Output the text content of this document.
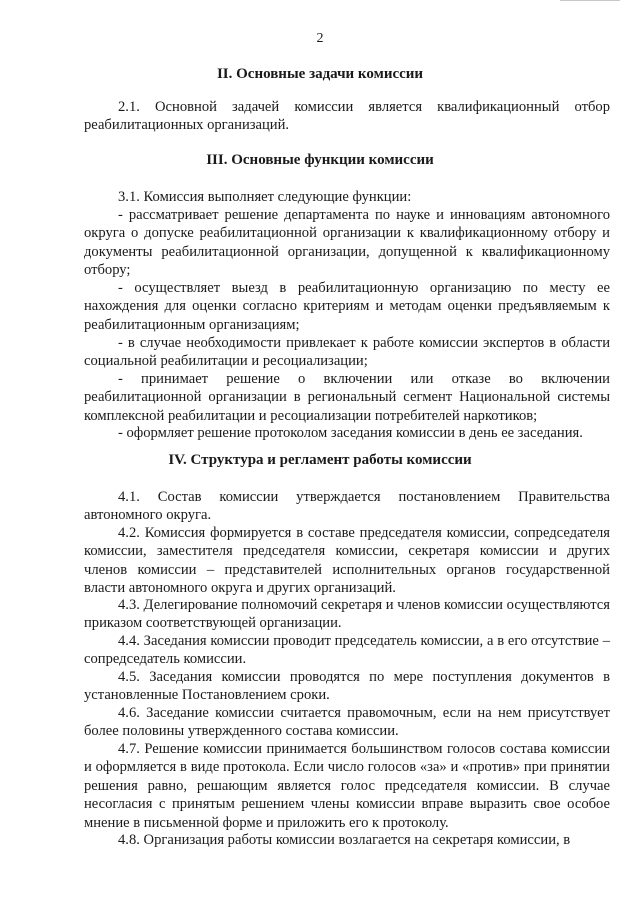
2
II. Основные задачи комиссии
2.1. Основной задачей комиссии является квалификационный отбор реабилитационных организаций.
III. Основные функции комиссии
3.1. Комиссия выполняет следующие функции:
- рассматривает решение департамента по науке и инновациям автономного округа о допуске реабилитационной организации к квалификационному отбору и документы реабилитационной организации, допущенной к квалификационному отбору;
- осуществляет выезд в реабилитационную организацию по месту ее нахождения для оценки согласно критериям и методам оценки предъявляемым к реабилитационным организациям;
- в случае необходимости привлекает к работе комиссии экспертов в области социальной реабилитации и ресоциализации;
- принимает решение о включении или отказе во включении реабилитационной организации в региональный сегмент Национальной системы комплексной реабилитации и ресоциализации потребителей наркотиков;
- оформляет решение протоколом заседания комиссии в день ее заседания.
IV. Структура и регламент работы комиссии
4.1. Состав комиссии утверждается постановлением Правительства автономного округа.
4.2. Комиссия формируется в составе председателя комиссии, сопредседателя комиссии, заместителя председателя комиссии, секретаря комиссии и других членов комиссии – представителей исполнительных органов государственной власти автономного округа и других организаций.
4.3. Делегирование полномочий секретаря и членов комиссии осуществляются приказом соответствующей организации.
4.4. Заседания комиссии проводит председатель комиссии, а в его отсутствие – сопредседатель комиссии.
4.5. Заседания комиссии проводятся по мере поступления документов в установленные Постановлением сроки.
4.6. Заседание комиссии считается правомочным, если на нем присутствует более половины утвержденного состава комиссии.
4.7. Решение комиссии принимается большинством голосов состава комиссии и оформляется в виде протокола. Если число голосов «за» и «против» при принятии решения равно, решающим является голос председателя комиссии. В случае несогласия с принятым решением члены комиссии вправе выразить свое особое мнение в письменной форме и приложить его к протоколу.
4.8. Организация работы комиссии возлагается на секретаря комиссии, в
